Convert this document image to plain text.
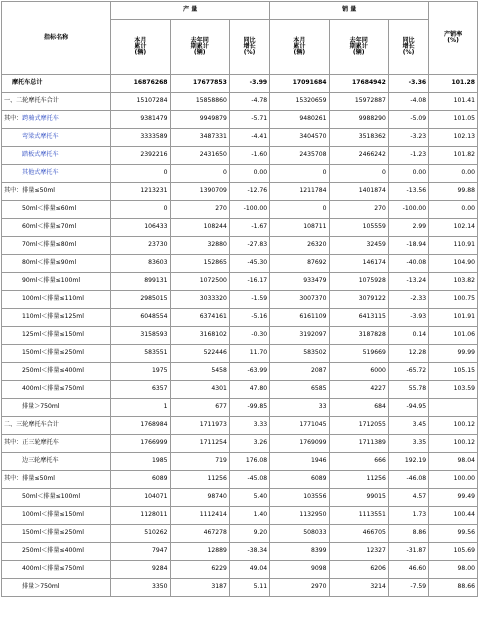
指标名称	产 量			销 量			产销率
(%)
	本月
累计
(辆)	去年同
期累计
(辆)	同比
增长
(%)	本月
累计
(辆)	去年同
期累计
(辆)	同比
增长
(%)	
摩托车总计	16876268	17677853	-3.99	17091684	17684942	-3.36	101.28
一、二轮摩托车合计	15107284	15858860	-4.78	15320659	15972887	-4.08	101.41
其中：跨骑式摩托车	9381479	9949879	-5.71	9480261	9988290	-5.09	101.05
弯梁式摩托车	3333589	3487331	-4.41	3404570	3518362	-3.23	102.13
踏板式摩托车	2392216	2431650	-1.60	2435708	2466242	-1.23	101.82
其他式摩托车	0	0	0.00	0	0	0.00	0.00
其中：排量≤50ml	1213231	1390709	-12.76	1211784	1401874	-13.56	99.88
50ml＜排量≤60ml	0	270	-100.00	0	270	-100.00	0.00
60ml＜排量≤70ml	106433	108244	-1.67	108711	105559	2.99	102.14
70ml＜排量≤80ml	23730	32880	-27.83	26320	32459	-18.94	110.91
80ml＜排量≤90ml	83603	152865	-45.30	87692	146174	-40.08	104.90
90ml＜排量≤100ml	899131	1072500	-16.17	933479	1075928	-13.24	103.82
100ml＜排量≤110ml	2985015	3033320	-1.59	3007370	3079122	-2.33	100.75
110ml＜排量≤125ml	6048554	6374161	-5.16	6161109	6413115	-3.93	101.91
125ml＜排量≤150ml	3158593	3168102	-0.30	3192097	3187828	0.14	101.06
150ml＜排量≤250ml	583551	522446	11.70	583502	519669	12.28	99.99
250ml＜排量≤400ml	1975	5458	-63.99	2087	6000	-65.72	105.15
400ml＜排量≤750ml	6357	4301	47.80	6585	4227	55.78	103.59
排量＞750ml	1	677	-99.85	33	684	-94.95	
二、三轮摩托车合计	1768984	1711973	3.33	1771045	1712055	3.45	100.12
其中：正三轮摩托车	1766999	1711254	3.26	1769099	1711389	3.35	100.12
边三轮摩托车	1985	719	176.08	1946	666	192.19	98.04
其中：排量≤50ml	6089	11256	-45.08	6089	11256	-46.08	100.00
50ml＜排量≤100ml	104071	98740	5.40	103556	99015	4.57	99.49
100ml＜排量≤150ml	1128011	1112414	1.40	1132950	1113551	1.73	100.44
150ml＜排量≤250ml	510262	467278	9.20	508033	466705	8.86	99.56
250ml＜排量≤400ml	7947	12889	-38.34	8399	12327	-31.87	105.69
400ml＜排量≤750ml	9284	6229	49.04	9098	6206	46.60	98.00
排量＞750ml	3350	3187	5.11	2970	3214	-7.59	88.66
